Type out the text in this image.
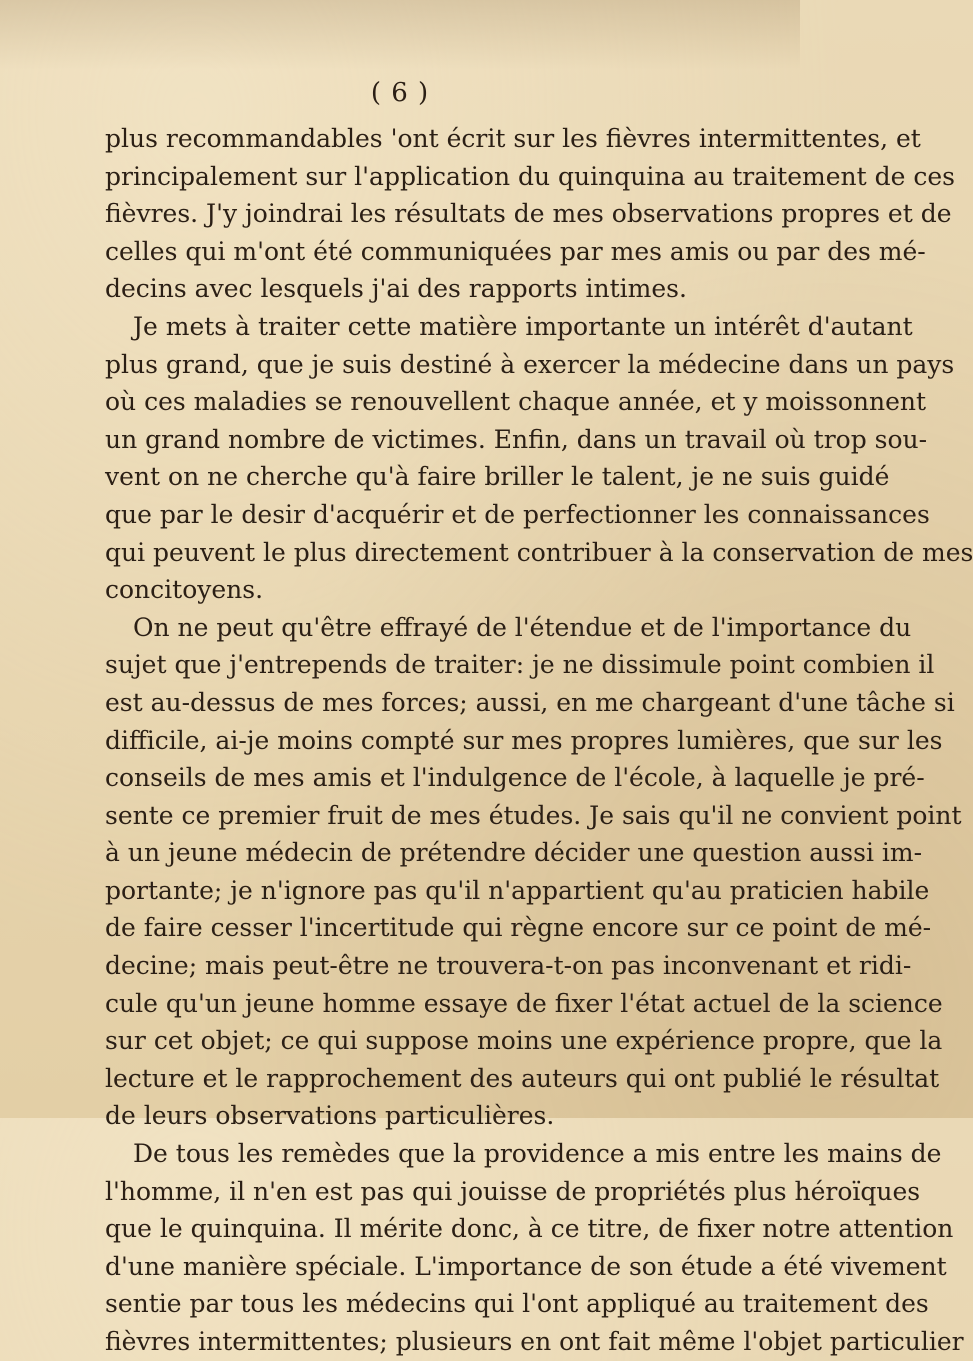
( 6 )
plus recommandables 'ont écrit sur les fièvres intermittentes, et
principalement sur l'application du quinquina au traitement de ces
fièvres. J'y joindrai les résultats de mes observations propres et de
celles qui m'ont été communiquées par mes amis ou par des mé-
decins avec lesquels j'ai des rapports intimes.
Je mets à traiter cette matière importante un intérêt d'autant
plus grand, que je suis destiné à exercer la médecine dans un pays
où ces maladies se renouvellent chaque année, et y moissonnent
un grand nombre de victimes. Enfin, dans un travail où trop sou-
vent on ne cherche qu'à faire briller le talent, je ne suis guidé
que par le desir d'acquérir et de perfectionner les connaissances
qui peuvent le plus directement contribuer à la conservation de mes
concitoyens.
On ne peut qu'être effrayé de l'étendue et de l'importance du
sujet que j'entrepends de traiter: je ne dissimule point combien il
est au-dessus de mes forces; aussi, en me chargeant d'une tâche si
difficile, ai-je moins compté sur mes propres lumières, que sur les
conseils de mes amis et l'indulgence de l'école, à laquelle je pré-
sente ce premier fruit de mes études. Je sais qu'il ne convient point
à un jeune médecin de prétendre décider une question aussi im-
portante; je n'ignore pas qu'il n'appartient qu'au praticien habile
de faire cesser l'incertitude qui règne encore sur ce point de mé-
decine; mais peut-être ne trouvera-t-on pas inconvenant et ridi-
cule qu'un jeune homme essaye de fixer l'état actuel de la science
sur cet objet; ce qui suppose moins une expérience propre, que la
lecture et le rapprochement des auteurs qui ont publié le résultat
de leurs observations particulières.
De tous les remèdes que la providence a mis entre les mains de
l'homme, il n'en est pas qui jouisse de propriétés plus héroïques
que le quinquina. Il mérite donc, à ce titre, de fixer notre attention
d'une manière spéciale. L'importance de son étude a été vivement
sentie par tous les médecins qui l'ont appliqué au traitement des
fièvres intermittentes; plusieurs en ont fait même l'objet particulier
